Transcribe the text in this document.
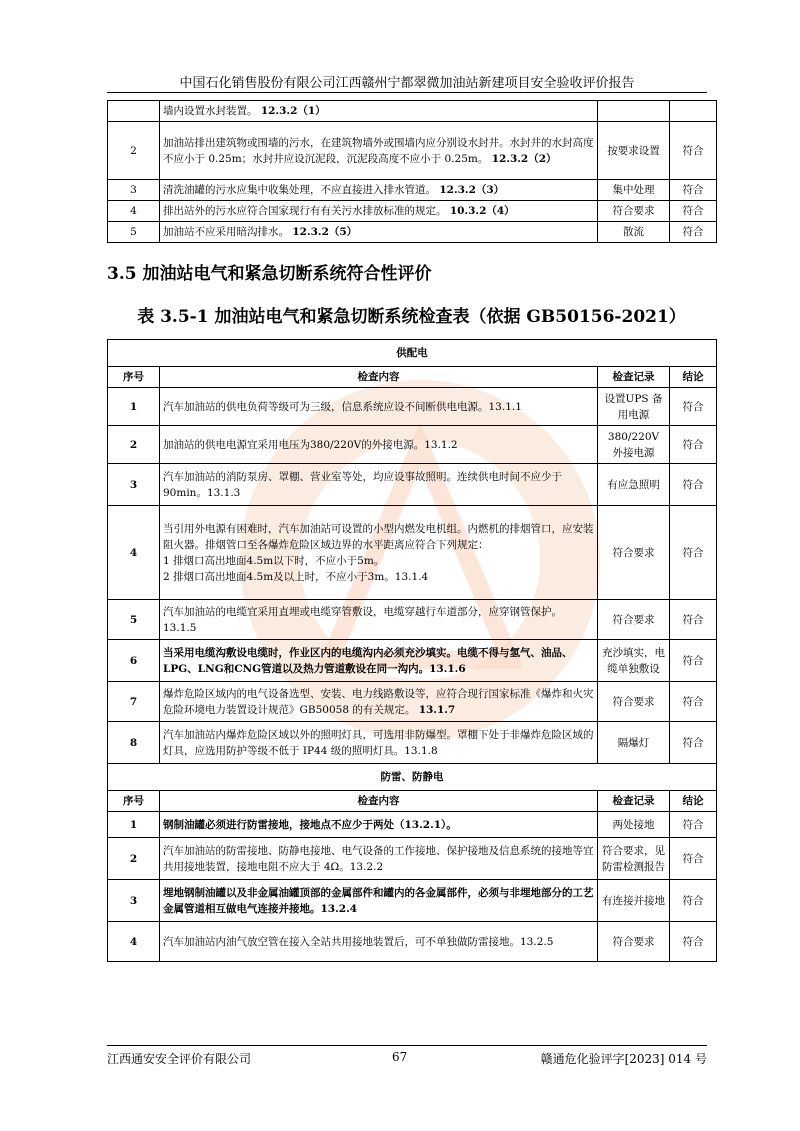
中国石化销售股份有限公司江西赣州宁都翠微加油站新建项目安全验收评价报告
	墙内设置水封装置。 12.3.2（1）		
2	加油站排出建筑物或围墙的污水，在建筑物墙外或围墙内应分别设水封井。水封井的水封高度不应小于 0.25m；水封井应设沉泥段，沉泥段高度不应小于 0.25m。 12.3.2（2）	按要求设置	符合
3	清洗油罐的污水应集中收集处理，不应直接进入排水管道。 12.3.2（3）	集中处理	符合
4	排出站外的污水应符合国家现行有有关污水排放标准的规定。 10.3.2（4）	符合要求	符合
5	加油站不应采用暗沟排水。 12.3.2（5）	散流	符合
3.5 加油站电气和紧急切断系统符合性评价
表 3.5-1 加油站电气和紧急切断系统检查表（依据 GB50156-2021）
供配电			
序号	检查内容	检查记录	结论
1	汽车加油站的供电负荷等级可为三级，信息系统应设不间断供电电源。13.1.1	设置UPS 备用电源	符合
2	加油站的供电电源宜采用电压为380/220V的外接电源。13.1.2	380/220V 外接电源	符合
3	汽车加油站的消防泵房、罩棚、营业室等处，均应设事故照明。连续供电时间不应少于90min。13.1.3	有应急照明	符合
4	当引用外电源有困难时，汽车加油站可设置的小型内燃发电机组。内燃机的排烟管口，应安装阻火器。排烟管口至各爆炸危险区域边界的水平距离应符合下列规定：
1 排烟口高出地面4.5m以下时，不应小于5m。
2 排烟口高出地面4.5m及以上时，不应小于3m。13.1.4	符合要求	符合
5	汽车加油站的电缆宜采用直埋或电缆穿管敷设，电缆穿越行车道部分，应穿钢管保护。13.1.5	符合要求	符合
6	当采用电缆沟敷设电缆时，作业区内的电缆沟内必须充沙填实。电缆不得与氢气、油品、LPG、LNG和CNG管道以及热力管道敷设在同一沟内。13.1.6	充沙填实，电缆单独敷设	符合
7	爆炸危险区域内的电气设备选型、安装、电力线路敷设等，应符合现行国家标准《爆炸和火灾危险环境电力装置设计规范》GB50058 的有关规定。 13.1.7	符合要求	符合
8	汽车加油站内爆炸危险区域以外的照明灯具，可选用非防爆型。罩棚下处于非爆炸危险区域的灯具，应选用防护等级不低于 IP44 级的照明灯具。13.1.8	隔爆灯	符合
防雷、防静电			
序号	检查内容	检查记录	结论
1	钢制油罐必须进行防雷接地，接地点不应少于两处（13.2.1）。	两处接地	符合
2	汽车加油站的防雷接地、防静电接地、电气设备的工作接地、保护接地及信息系统的接地等宜共用接地装置，接地电阻不应大于 4Ω。13.2.2	符合要求，见防雷检测报告	符合
3	埋地钢制油罐以及非金属油罐顶部的金属部件和罐内的各金属部件，必须与非埋地部分的工艺金属管道相互做电气连接并接地。13.2.4	有连接并接地	符合
4	汽车加油站内油气放空管在接入全站共用接地装置后，可不单独做防雷接地。13.2.5	符合要求	符合
江西通安安全评价有限公司	67	赣通危化验评字[2023] 014 号
